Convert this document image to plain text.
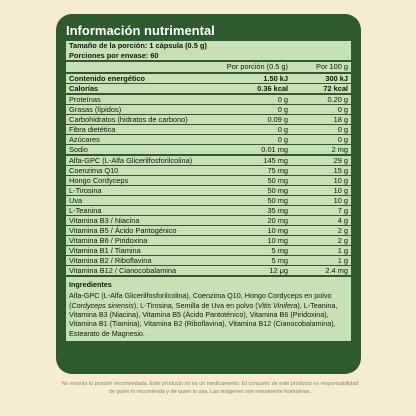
Información nutrimental
Tamaño de la porción: 1 cápsula (0.5 g)
Porciones por envase: 60
Por porción (0.5 g)	Por 100 g
Contenido energético	1.50 kJ	300 kJ
Calorías	0.36 kcal	72 kcal
Proteínas	0 g	0.20 g
Grasas (lípidos)	0 g	0 g
Carbohidratos (hidratos de carbono)	0.09 g	18 g
Fibra dietética	0 g	0 g
Azúcares	0 g	0 g
Sodio	0.01 mg	2 mg
Alfa-GPC (L-Alfa Glicerilfosforilcolina)	145 mg	29 g
Coenzima Q10	75 mg	15 g
Hongo Cordyceps	50 mg	10 g
L-Tirosina	50 mg	10 g
Uva	50 mg	10 g
L-Teanina	35 mg	7 g
Vitamina B3 / Niacina	20 mg	4 g
Vitamina B5 / Ácido Pantogénico	10 mg	2 g
Vitamina B6 / Piridoxina	10 mg	2 g
Vitamina B1 / Tiamina	5 mg	1 g
Vitamina B2 / Riboflavina	5 mg	1 g
Vitamina B12 / Cianocobalamina	12 μg	2.4 mg
Ingredientes

Alfa-GPC (L-Alfa Glicerilfosforilcolina), Coenzima Q10, Hongo Cordyceps en polvo (Cordyceps sinensis), L-Tirosina, Semilla de Uva en polvo (Vitis Vinifera), L-Teanina, Vitamina B3 (Niacina), Vitamina B5 (Ácido Pantoténico), Vitamina B6 (Piridoxina), Vitamina B1 (Tiamina), Vitamina B2 (Riboflavina), Vitamina B12 (Cianocobalamina), Estearato de Magnesio.

No exceda la porción recomendada. Este producto no es un medicamento. El consumo de este producto es responsabilidad de quien lo recomienda y de quien lo usa. Las imágenes son meramente ilustrativas.
